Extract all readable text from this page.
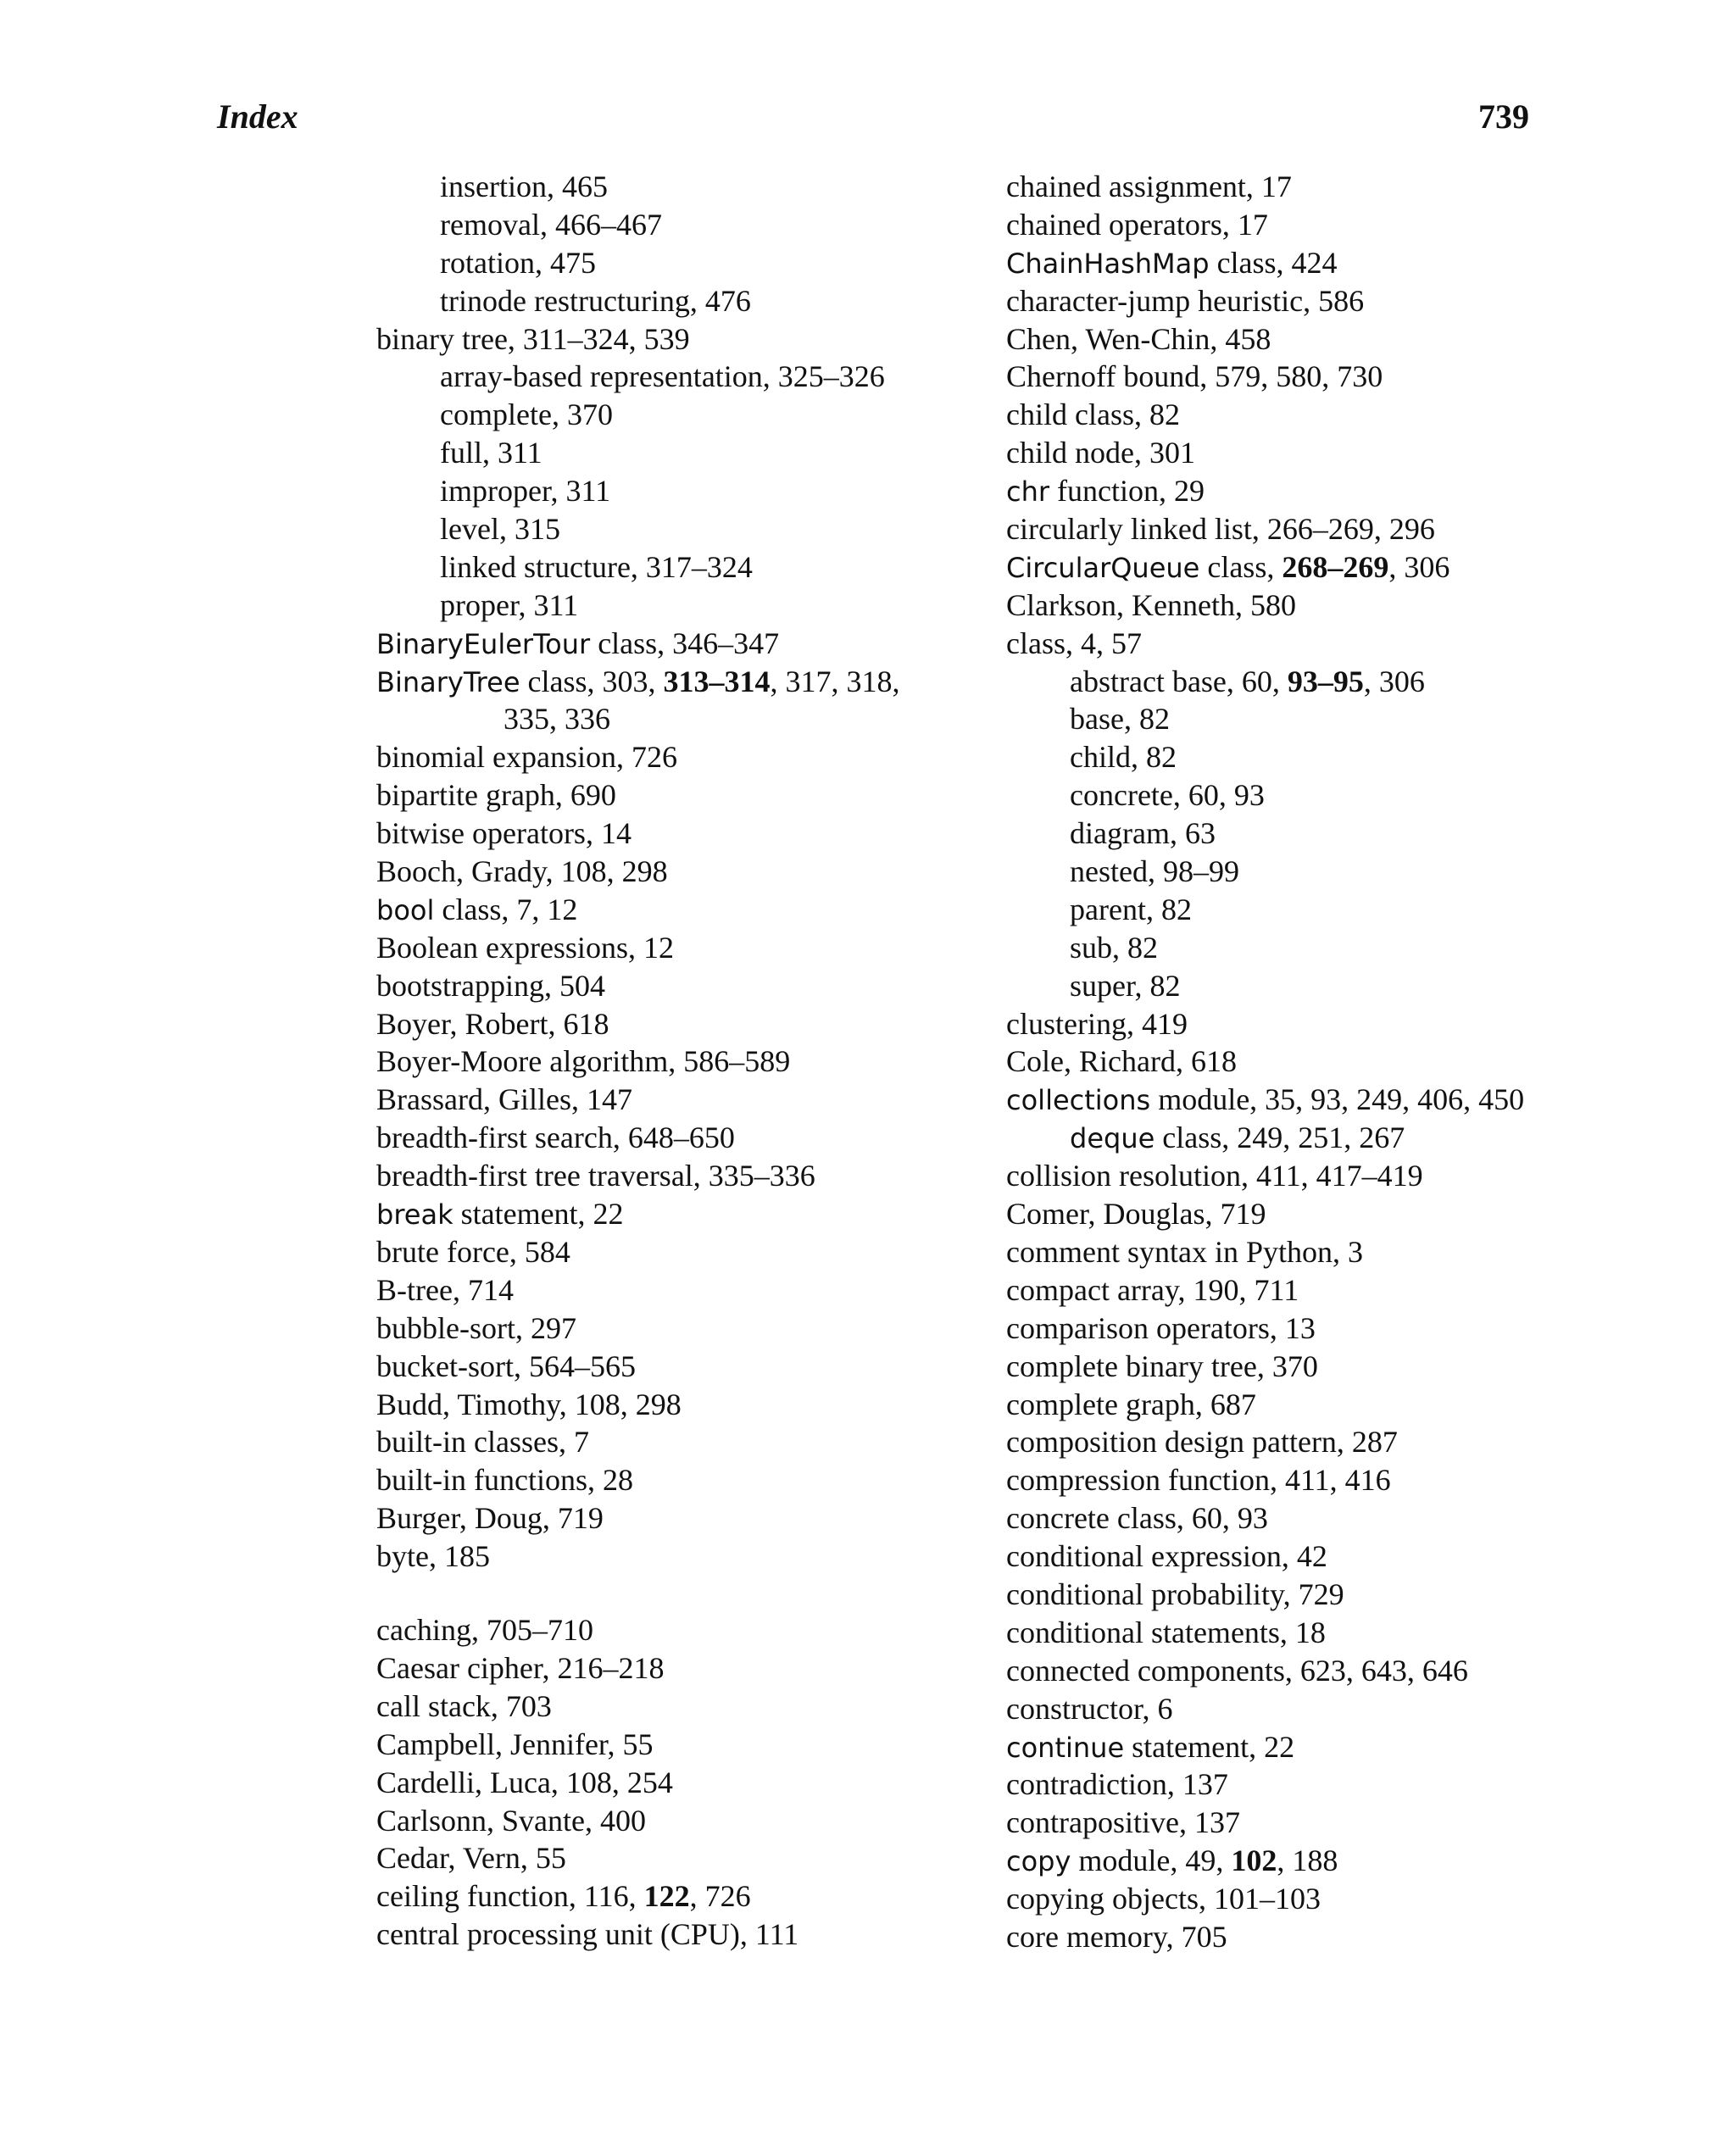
Index	739
insertion, 465
removal, 466–467
rotation, 475
trinode restructuring, 476
binary tree, 311–324, 539
array-based representation, 325–326
complete, 370
full, 311
improper, 311
level, 315
linked structure, 317–324
proper, 311
BinaryEulerTour class, 346–347
BinaryTree class, 303, 313–314, 317, 318,
335, 336
binomial expansion, 726
bipartite graph, 690
bitwise operators, 14
Booch, Grady, 108, 298
bool class, 7, 12
Boolean expressions, 12
bootstrapping, 504
Boyer, Robert, 618
Boyer-Moore algorithm, 586–589
Brassard, Gilles, 147
breadth-first search, 648–650
breadth-first tree traversal, 335–336
break statement, 22
brute force, 584
B-tree, 714
bubble-sort, 297
bucket-sort, 564–565
Budd, Timothy, 108, 298
built-in classes, 7
built-in functions, 28
Burger, Doug, 719
byte, 185
caching, 705–710
Caesar cipher, 216–218
call stack, 703
Campbell, Jennifer, 55
Cardelli, Luca, 108, 254
Carlsonn, Svante, 400
Cedar, Vern, 55
ceiling function, 116, 122, 726
central processing unit (CPU), 111
chained assignment, 17
chained operators, 17
ChainHashMap class, 424
character-jump heuristic, 586
Chen, Wen-Chin, 458
Chernoff bound, 579, 580, 730
child class, 82
child node, 301
chr function, 29
circularly linked list, 266–269, 296
CircularQueue class, 268–269, 306
Clarkson, Kenneth, 580
class, 4, 57
abstract base, 60, 93–95, 306
base, 82
child, 82
concrete, 60, 93
diagram, 63
nested, 98–99
parent, 82
sub, 82
super, 82
clustering, 419
Cole, Richard, 618
collections module, 35, 93, 249, 406, 450
deque class, 249, 251, 267
collision resolution, 411, 417–419
Comer, Douglas, 719
comment syntax in Python, 3
compact array, 190, 711
comparison operators, 13
complete binary tree, 370
complete graph, 687
composition design pattern, 287
compression function, 411, 416
concrete class, 60, 93
conditional expression, 42
conditional probability, 729
conditional statements, 18
connected components, 623, 643, 646
constructor, 6
continue statement, 22
contradiction, 137
contrapositive, 137
copy module, 49, 102, 188
copying objects, 101–103
core memory, 705
